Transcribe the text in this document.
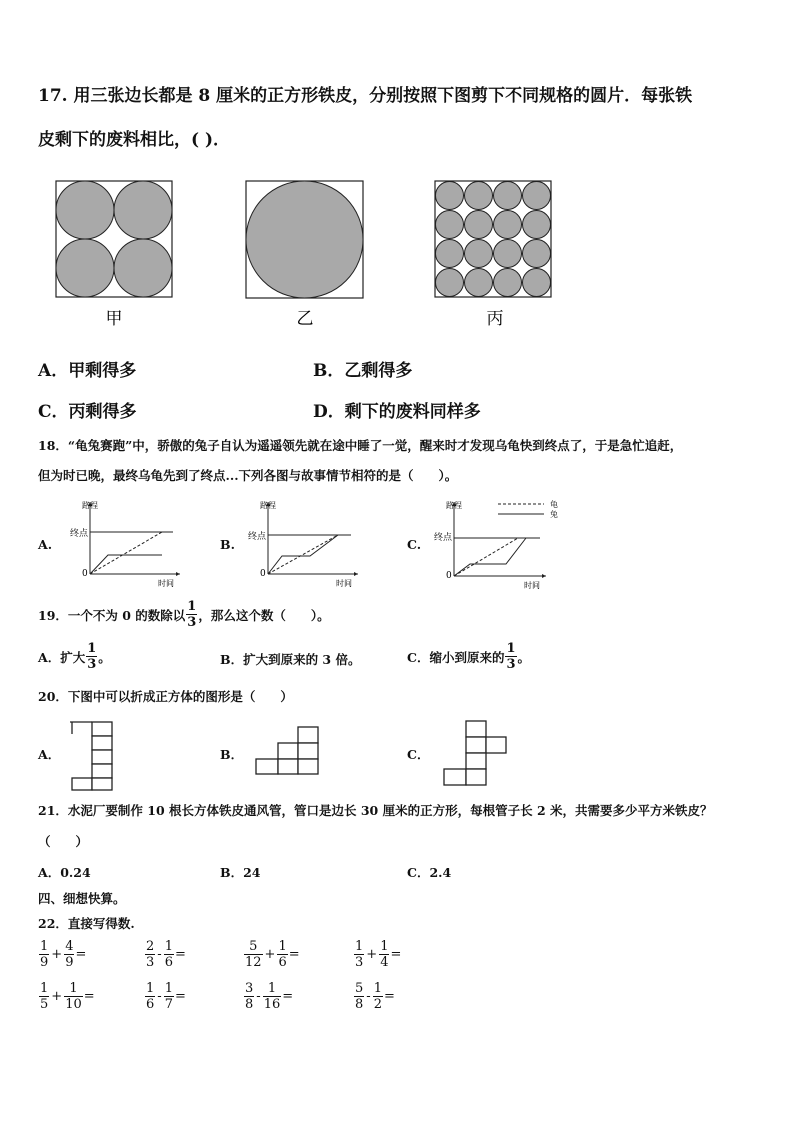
17. 用三张边长都是 8 厘米的正方形铁皮，分别按照下图剪下不同规格的圆片．每张铁
皮剩下的废料相比，( )．
甲	乙	丙
A．甲剩得多	B．乙剩得多
C．丙剩得多	D．剩下的废料同样多
18．“龟兔赛跑”中，骄傲的兔子自认为遥遥领先就在途中睡了一觉，醒来时才发现乌龟快到终点了，于是急忙追赶，
但为时已晚，最终乌龟先到了终点...下列各图与故事情节相符的是（　　）。
A.	B.	C.
路程
终点
0
时间
路程
终点
0
时间
路程
终点
0
时间
龟
兔
19．一个不为 0 的数除以 $\frac{1}{3}$ ，那么这个数（　　）。
A．扩大 $\frac{1}{3}$ 。	B．扩大到原来的 3 倍。	C．缩小到原来的 $\frac{1}{3}$ 。
20．下图中可以折成正方体的图形是（　　）
A．	B．	C．
21．水泥厂要制作 10 根长方体铁皮通风管，管口是边长 30 厘米的正方形，每根管子长 2 米，共需要多少平方米铁皮？
（　　）
A．0.24	B．24	C．2.4
四、细想快算。
22．直接写得数.
$\frac{1}{9} + \frac{4}{9}$ =	$\frac{2}{3} - \frac{1}{6}$ =	$\frac{5}{12} + \frac{1}{6}$ =	$\frac{1}{3} + \frac{1}{4}$ =
$\frac{1}{5} + \frac{1}{10}$ =	$\frac{1}{6} - \frac{1}{7}$ =	$\frac{3}{8} - \frac{1}{16}$ =	$\frac{5}{8} - \frac{1}{2}$ =
